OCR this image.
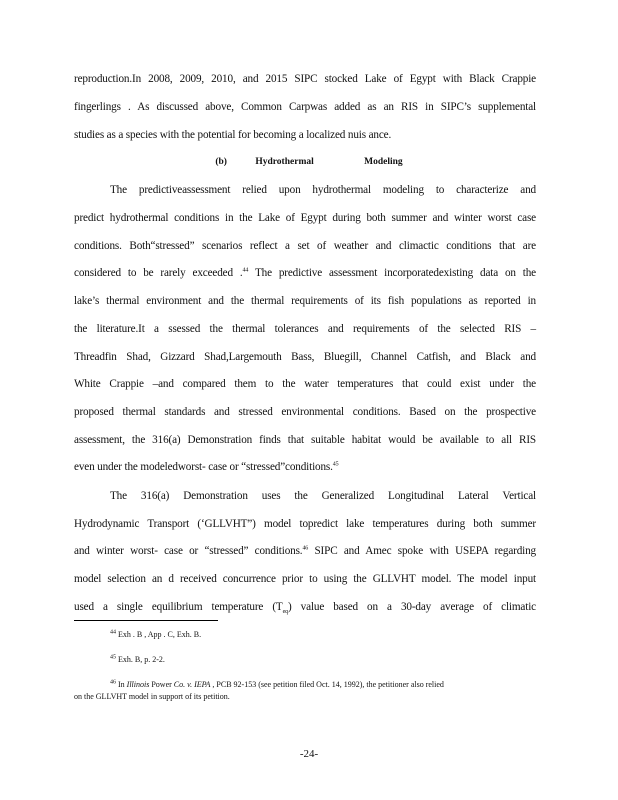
reproduction.In 2008, 2009, 2010, and 2015 SIPC stocked Lake of Egypt with Black Crappie
fingerlings . As discussed above, Common Carpwas added as an RIS in SIPC’s supplemental
studies as a species with the potential for becoming a localized nuis ance.
(b)	Hydrothermal	Modeling
The predictiveassessment relied upon hydrothermal modeling to characterize and
predict hydrothermal conditions in the Lake of Egypt during both summer and winter worst case
conditions. Both“stressed” scenarios reflect a set of weather and climactic conditions that are
considered to be rarely exceeded .$^{44}$ The predictive assessment incorporatedexisting data on the
lake’s thermal environment and the thermal requirements of its fish populations as reported in
the literature.It a ssessed the thermal tolerances and requirements of the selected RIS –
Threadfin Shad, Gizzard Shad,Largemouth Bass, Bluegill, Channel Catfish, and Black and
White Crappie –and compared them to the water temperatures that could exist under the
proposed thermal standards and stressed environmental conditions. Based on the prospective
assessment, the 316(a) Demonstration finds that suitable habitat would be available to all RIS
even under the modeledworst- case or “stressed”conditions.$^{45}$
The 316(a) Demonstration uses the Generalized Longitudinal Lateral Vertical
Hydrodynamic Transport (‘GLLVHT”) model topredict lake temperatures during both summer
and winter worst- case or “stressed” conditions.$^{46}$ SIPC and Amec spoke with USEPA regarding
model selection an d received concurrence prior to using the GLLVHT model. The model input
used a single equilibrium temperature $(T_{eq})$ value based on a 30-day average of climatic
$^{44}$ Exh . B , App . C, Exh. B.
$^{45}$ Exh. B, p. 2-2.
$^{46}$ In Illinois Power Co. v. IEPA , PCB 92-153 (see petition filed Oct. 14, 1992), the petitioner also relied
on the GLLVHT model in support of its petition.
-24-
